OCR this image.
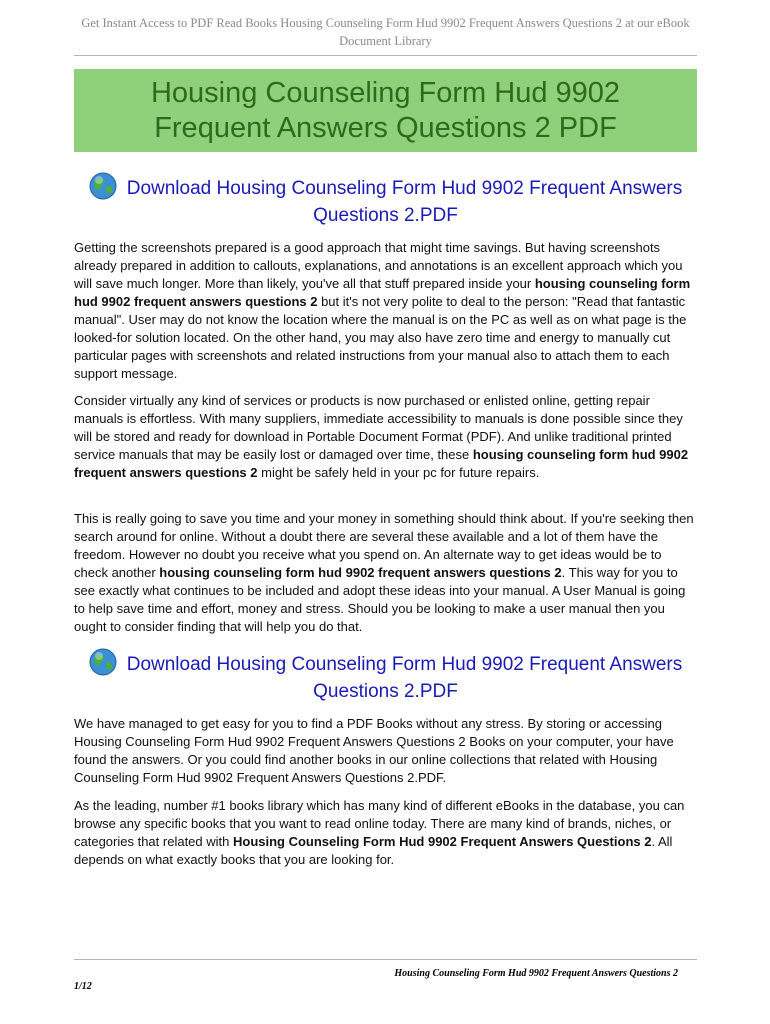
Get Instant Access to PDF Read Books Housing Counseling Form Hud 9902 Frequent Answers Questions 2 at our eBook Document Library
Housing Counseling Form Hud 9902 Frequent Answers Questions 2 PDF
Download Housing Counseling Form Hud 9902 Frequent Answers Questions 2.PDF

Getting the screenshots prepared is a good approach that might time savings. But having screenshots already prepared in addition to callouts, explanations, and annotations is an excellent approach which you will save much longer. More than likely, you've all that stuff prepared inside your housing counseling form hud 9902 frequent answers questions 2 but it's not very polite to deal to the person: "Read that fantastic manual". User may do not know the location where the manual is on the PC as well as on what page is the looked-for solution located. On the other hand, you may also have zero time and energy to manually cut particular pages with screenshots and related instructions from your manual also to attach them to each support message.

Consider virtually any kind of services or products is now purchased or enlisted online, getting repair manuals is effortless. With many suppliers, immediate accessibility to manuals is done possible since they will be stored and ready for download in Portable Document Format (PDF). And unlike traditional printed service manuals that may be easily lost or damaged over time, these housing counseling form hud 9902 frequent answers questions 2 might be safely held in your pc for future repairs.

This is really going to save you time and your money in something should think about. If you're seeking then search around for online. Without a doubt there are several these available and a lot of them have the freedom. However no doubt you receive what you spend on. An alternate way to get ideas would be to check another housing counseling form hud 9902 frequent answers questions 2. This way for you to see exactly what continues to be included and adopt these ideas into your manual. A User Manual is going to help save time and effort, money and stress. Should you be looking to make a user manual then you ought to consider finding that will help you do that.

Download Housing Counseling Form Hud 9902 Frequent Answers Questions 2.PDF

We have managed to get easy for you to find a PDF Books without any stress. By storing or accessing Housing Counseling Form Hud 9902 Frequent Answers Questions 2 Books on your computer, your have found the answers. Or you could find another books in our online collections that related with Housing Counseling Form Hud 9902 Frequent Answers Questions 2.PDF.

As the leading, number #1 books library which has many kind of different eBooks in the database, you can browse any specific books that you want to read online today. There are many kind of brands, niches, or categories that related with Housing Counseling Form Hud 9902 Frequent Answers Questions 2. All depends on what exactly books that you are looking for.

Housing Counseling Form Hud 9902 Frequent Answers Questions 2
1/12
